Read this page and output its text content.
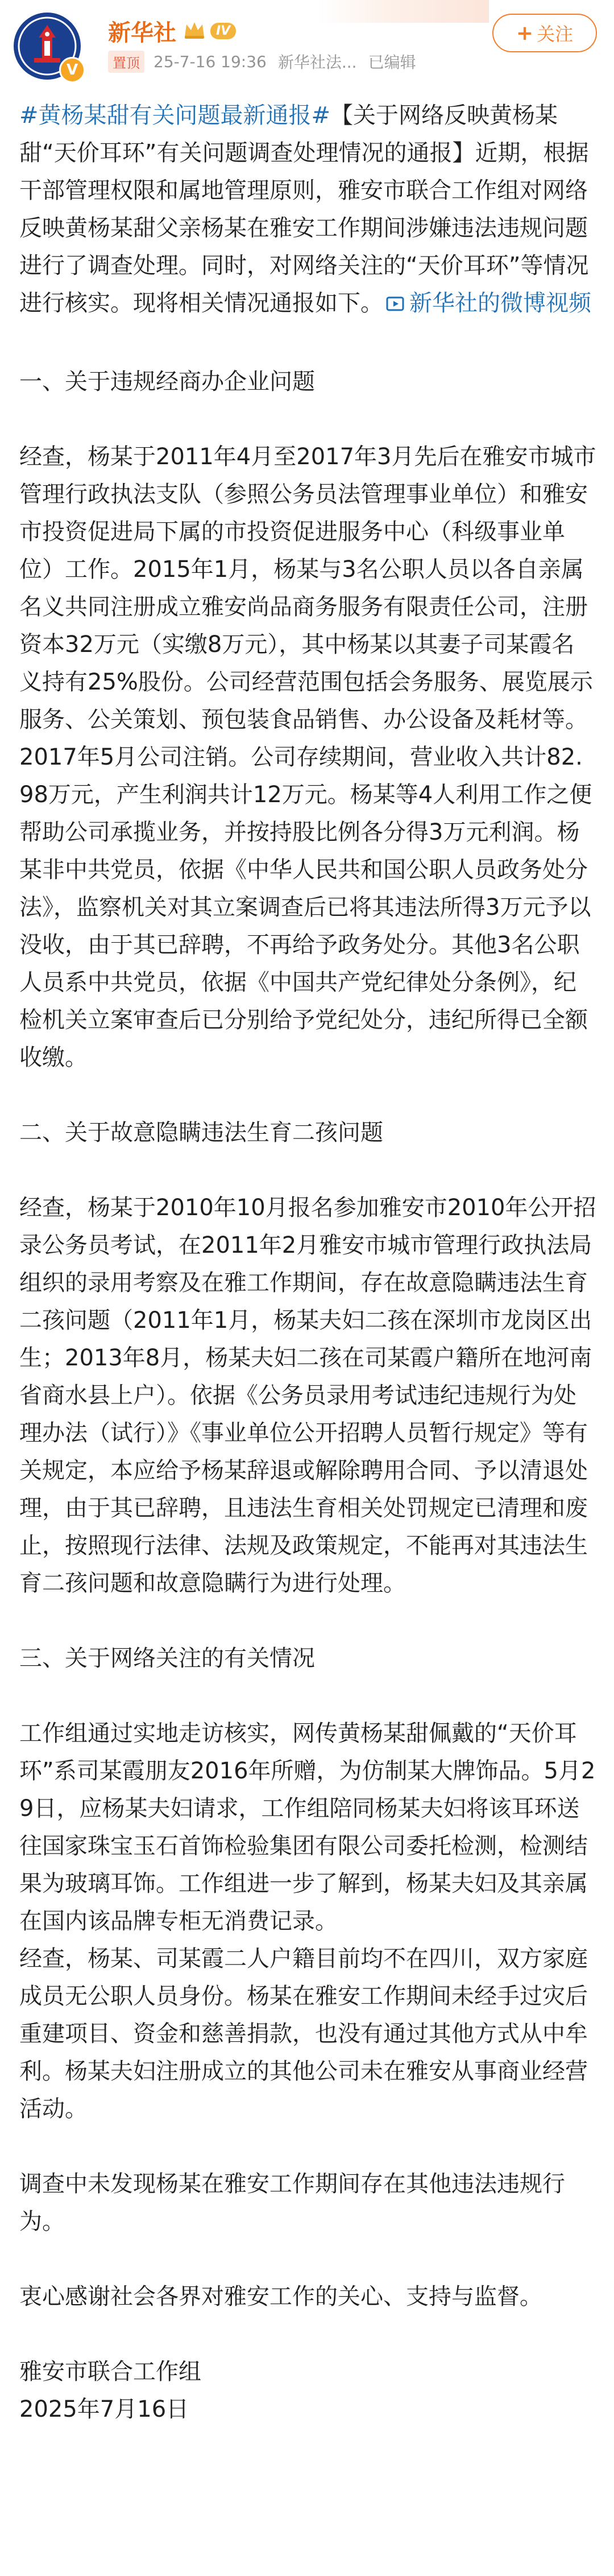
V
新华社	IV
置顶 25-7-16 19:36 新华社法... 已编辑
+ 关注

#黄杨某甜有关问题最新通报#【关于网络反映黄杨某甜“天价耳环”有关问题调查处理情况的通报】近期，根据干部管理权限和属地管理原则，雅安市联合工作组对网络反映黄杨某甜父亲杨某在雅安工作期间涉嫌违法违规问题进行了调查处理。同时，对网络关注的“天价耳环”等情况进行核实。现将相关情况通报如下。 新华社的微博视频

一、关于违规经商办企业问题

经查，杨某于2011年4月至2017年3月先后在雅安市城市管理行政执法支队（参照公务员法管理事业单位）和雅安市投资促进局下属的市投资促进服务中心（科级事业单位）工作。2015年1月，杨某与3名公职人员以各自亲属名义共同注册成立雅安尚品商务服务有限责任公司，注册资本32万元（实缴8万元），其中杨某以其妻子司某霞名义持有25%股份。公司经营范围包括会务服务、展览展示服务、公关策划、预包装食品销售、办公设备及耗材等。2017年5月公司注销。公司存续期间，营业收入共计82.98万元，产生利润共计12万元。杨某等4人利用工作之便帮助公司承揽业务，并按持股比例各分得3万元利润。杨某非中共党员，依据《中华人民共和国公职人员政务处分法》，监察机关对其立案调查后已将其违法所得3万元予以没收，由于其已辞聘，不再给予政务处分。其他3名公职人员系中共党员，依据《中国共产党纪律处分条例》，纪检机关立案审查后已分别给予党纪处分，违纪所得已全额收缴。

二、关于故意隐瞒违法生育二孩问题

经查，杨某于2010年10月报名参加雅安市2010年公开招录公务员考试，在2011年2月雅安市城市管理行政执法局组织的录用考察及在雅工作期间，存在故意隐瞒违法生育二孩问题（2011年1月，杨某夫妇二孩在深圳市龙岗区出生；2013年8月，杨某夫妇二孩在司某霞户籍所在地河南省商水县上户）。依据《公务员录用考试违纪违规行为处理办法（试行）》《事业单位公开招聘人员暂行规定》等有关规定，本应给予杨某辞退或解除聘用合同、予以清退处理，由于其已辞聘，且违法生育相关处罚规定已清理和废止，按照现行法律、法规及政策规定，不能再对其违法生育二孩问题和故意隐瞒行为进行处理。

三、关于网络关注的有关情况

工作组通过实地走访核实，网传黄杨某甜佩戴的“天价耳环”系司某霞朋友2016年所赠，为仿制某大牌饰品。5月29日，应杨某夫妇请求，工作组陪同杨某夫妇将该耳环送往国家珠宝玉石首饰检验集团有限公司委托检测，检测结果为玻璃耳饰。工作组进一步了解到，杨某夫妇及其亲属在国内该品牌专柜无消费记录。

经查，杨某、司某霞二人户籍目前均不在四川，双方家庭成员无公职人员身份。杨某在雅安工作期间未经手过灾后重建项目、资金和慈善捐款，也没有通过其他方式从中牟利。杨某夫妇注册成立的其他公司未在雅安从事商业经营活动。

调查中未发现杨某在雅安工作期间存在其他违法违规行为。

衷心感谢社会各界对雅安工作的关心、支持与监督。

雅安市联合工作组

2025年7月16日
